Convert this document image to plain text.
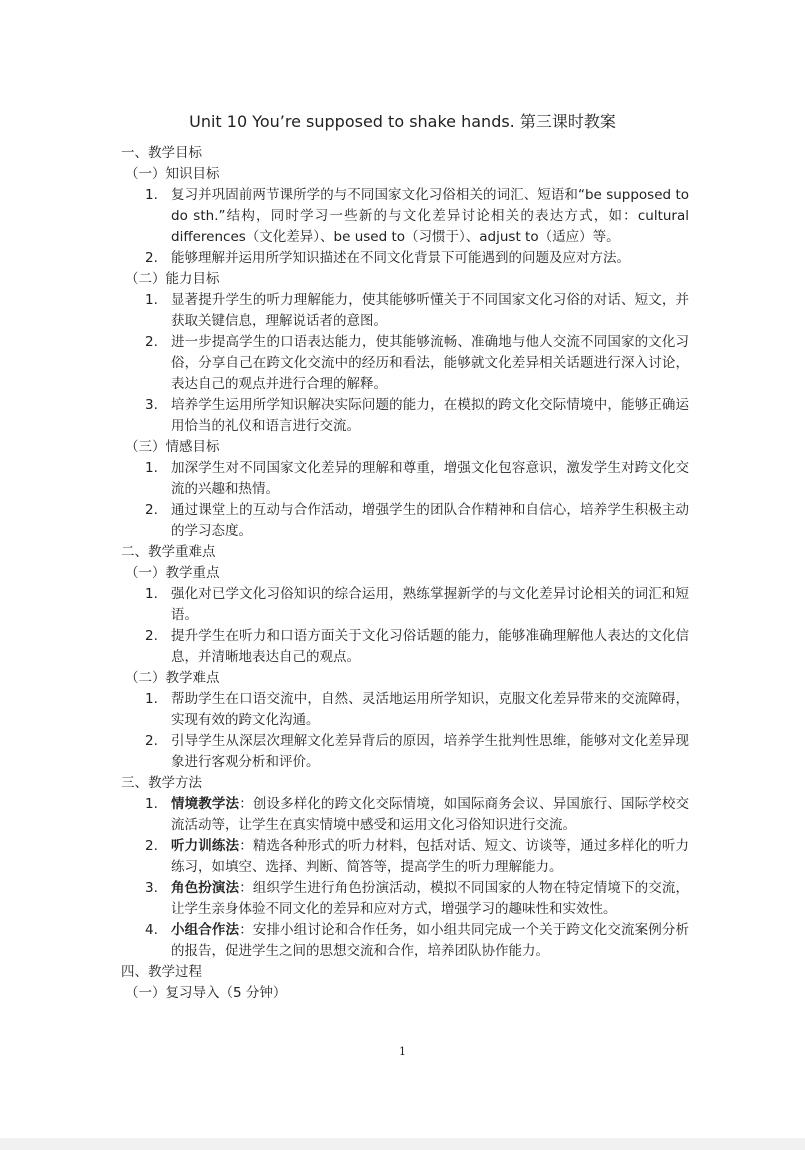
Unit 10 You’re supposed to shake hands. 第三课时教案

一、教学目标

（一）知识目标

1. 复习并巩固前两节课所学的与不同国家文化习俗相关的词汇、短语和“be supposed to do sth.”结构，同时学习一些新的与文化差异讨论相关的表达方式，如：cultural differences（文化差异）、be used to（习惯于）、adjust to（适应）等。

2. 能够理解并运用所学知识描述在不同文化背景下可能遇到的问题及应对方法。

（二）能力目标

1. 显著提升学生的听力理解能力，使其能够听懂关于不同国家文化习俗的对话、短文，并获取关键信息，理解说话者的意图。

2. 进一步提高学生的口语表达能力，使其能够流畅、准确地与他人交流不同国家的文化习俗，分享自己在跨文化交流中的经历和看法，能够就文化差异相关话题进行深入讨论，表达自己的观点并进行合理的解释。

3. 培养学生运用所学知识解决实际问题的能力，在模拟的跨文化交际情境中，能够正确运用恰当的礼仪和语言进行交流。

（三）情感目标

1. 加深学生对不同国家文化差异的理解和尊重，增强文化包容意识，激发学生对跨文化交流的兴趣和热情。

2. 通过课堂上的互动与合作活动，增强学生的团队合作精神和自信心，培养学生积极主动的学习态度。

二、教学重难点

（一）教学重点

1. 强化对已学文化习俗知识的综合运用，熟练掌握新学的与文化差异讨论相关的词汇和短语。

2. 提升学生在听力和口语方面关于文化习俗话题的能力，能够准确理解他人表达的文化信息，并清晰地表达自己的观点。

（二）教学难点

1. 帮助学生在口语交流中，自然、灵活地运用所学知识，克服文化差异带来的交流障碍，实现有效的跨文化沟通。

2. 引导学生从深层次理解文化差异背后的原因，培养学生批判性思维，能够对文化差异现象进行客观分析和评价。

三、教学方法

1. 情境教学法：创设多样化的跨文化交际情境，如国际商务会议、异国旅行、国际学校交流活动等，让学生在真实情境中感受和运用文化习俗知识进行交流。

2. 听力训练法：精选各种形式的听力材料，包括对话、短文、访谈等，通过多样化的听力练习，如填空、选择、判断、简答等，提高学生的听力理解能力。

3. 角色扮演法：组织学生进行角色扮演活动，模拟不同国家的人物在特定情境下的交流，让学生亲身体验不同文化的差异和应对方式，增强学习的趣味性和实效性。

4. 小组合作法：安排小组讨论和合作任务，如小组共同完成一个关于跨文化交流案例分析的报告，促进学生之间的思想交流和合作，培养团队协作能力。

四、教学过程

（一）复习导入（5 分钟）

1
